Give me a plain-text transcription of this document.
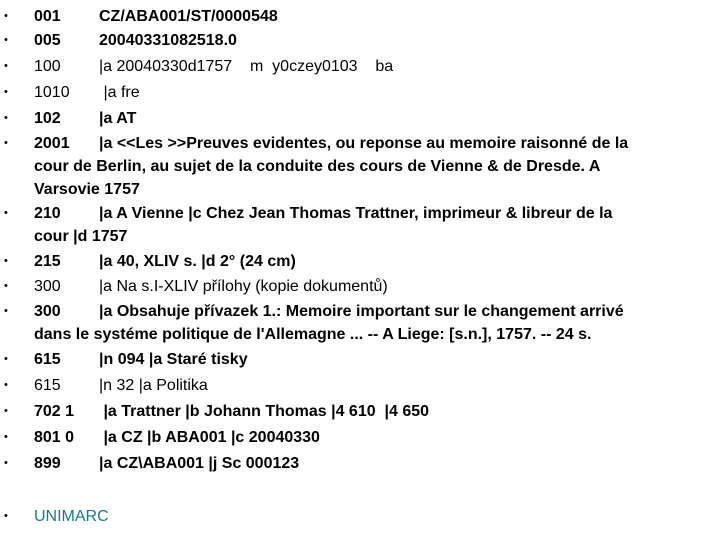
• 001 CZ/ABA001/ST/0000548
• 005 20040331082518.0
• 100 |a 20040330d1757    m  y0czey0103    ba
• 1010 |a fre
• 102 |a AT
• 2001 |a <<Les >>Preuves evidentes, ou reponse au memoire raisonné de la
cour de Berlin, au sujet de la conduite des cours de Vienne & de Dresde. A
Varsovie 1757
• 210 |a A Vienne |c Chez Jean Thomas Trattner, imprimeur & libreur de la
cour |d 1757
• 215 |a 40, XLIV s. |d 2° (24 cm)
• 300 |a Na s.I-XLIV přílohy (kopie dokumentů)
• 300 |a Obsahuje přívazek 1.: Memoire important sur le changement arrivé
dans le systéme politique de l'Allemagne ... -- A Liege: [s.n.], 1757. -- 24 s.
• 615 |n 094 |a Staré tisky
• 615 |n 32 |a Politika
• 702 1 |a Trattner |b Johann Thomas |4 610  |4 650
• 801 0 |a CZ |b ABA001 |c 20040330
• 899 |a CZ\ABA001 |j Sc 000123
• UNIMARC
